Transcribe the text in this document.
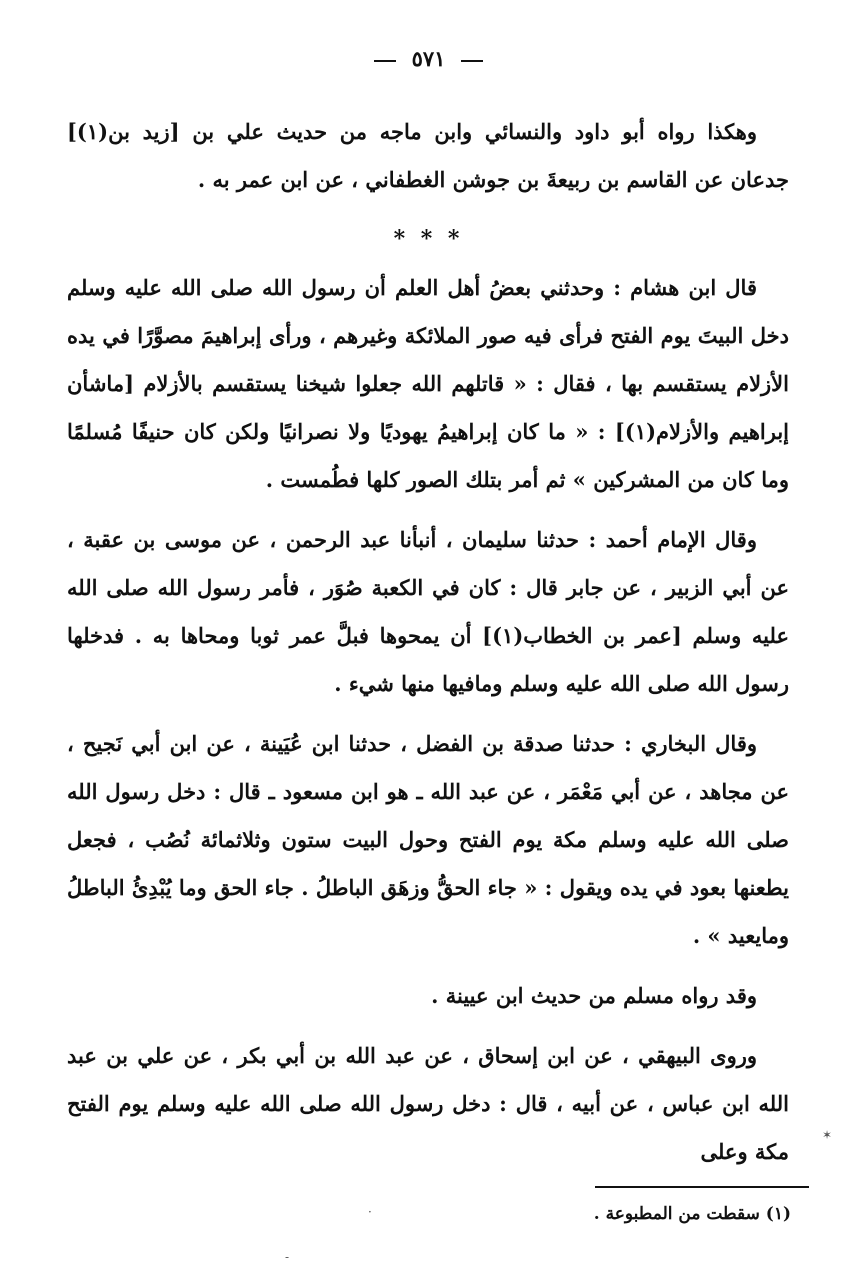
٥٧١

وهكذا رواه أبو داود والنسائي وابن ماجه من حديث علي بن [زيد بن(١)] جدعان عن القاسم بن ربيعةَ بن جوشن الغطفاني ، عن ابن عمر به .

* * *

قال ابن هشام : وحدثني بعضُ أهل العلم أن رسول الله صلى الله عليه وسلم دخل البيتَ يوم الفتح فرأى فيه صور الملائكة وغيرهم ، ورأى إبراهيمَ مصوَّرًا في يده الأزلام يستقسم بها ، فقال : « قاتلهم الله جعلوا شيخنا يستقسم بالأزلام [ماشأن إبراهيم والأزلام(١)] : « ما كان إبراهيمُ يهوديًا ولا نصرانيًا ولكن كان حنيفًا مُسلمًا وما كان من المشركين » ثم أمر بتلك الصور كلها فطُمست .

وقال الإمام أحمد : حدثنا سليمان ، أنبأنا عبد الرحمن ، عن موسى بن عقبة ، عن أبي الزبير ، عن جابر قال : كان في الكعبة صُوَر ، فأمر رسول الله صلى الله عليه وسلم [عمر بن الخطاب(١)] أن يمحوها فبلَّ عمر ثوبا ومحاها به . فدخلها رسول الله صلى الله عليه وسلم ومافيها منها شيء .

وقال البخاري : حدثنا صدقة بن الفضل ، حدثنا ابن عُيَينة ، عن ابن أبي نَجيح ، عن مجاهد ، عن أبي مَعْمَر ، عن عبد الله ـ هو ابن مسعود ـ قال : دخل رسول الله صلى الله عليه وسلم مكة يوم الفتح وحول البيت ستون وثلاثمائة نُصُب ، فجعل يطعنها بعود في يده ويقول : « جاء الحقُّ وزهَق الباطلُ . جاء الحق وما يُبْدِئُ الباطلُ ومايعيد » .

وقد رواه مسلم من حديث ابن عيينة .

وروى البيهقي ، عن ابن إسحاق ، عن عبد الله بن أبي بكر ، عن علي بن عبد الله ابن عباس ، عن أبيه ، قال : دخل رسول الله صلى الله عليه وسلم يوم الفتح مكة وعلى

(١) سقطت من المطبوعة .
✶
·
-
